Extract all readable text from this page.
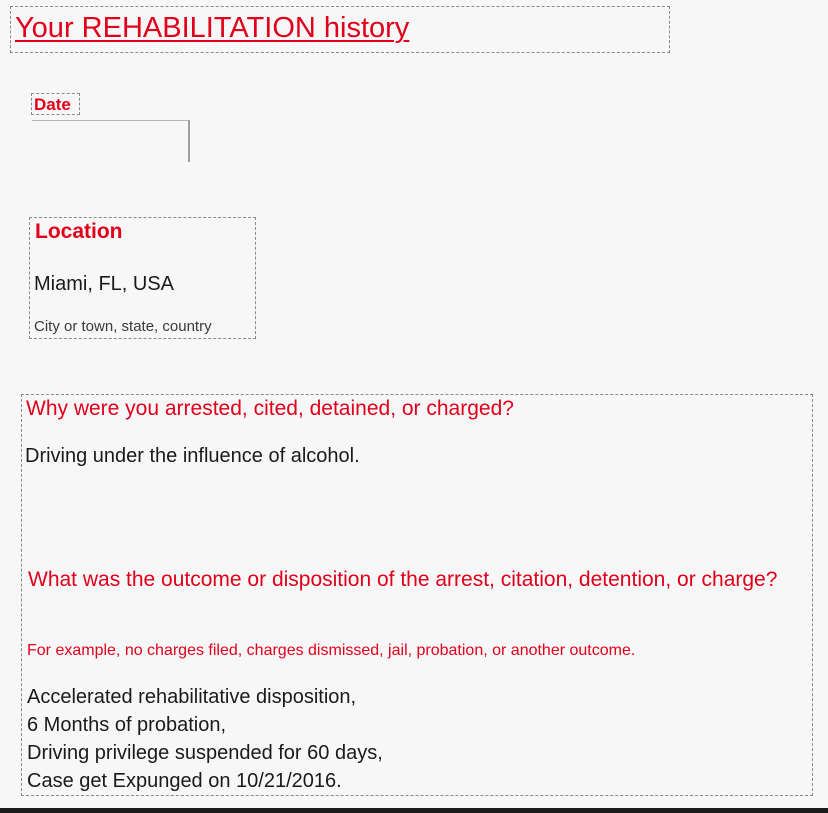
Your REHABILITATION history
Date
Location
Miami, FL, USA
City or town, state, country
Why were you arrested, cited, detained, or charged?
Driving under the influence of alcohol.
What was the outcome or disposition of the arrest, citation, detention, or charge?
For example, no charges filed, charges dismissed, jail, probation, or another outcome.
Accelerated rehabilitative disposition,
6 Months of probation,
Driving privilege suspended for 60 days,
Case get Expunged on 10/21/2016.
